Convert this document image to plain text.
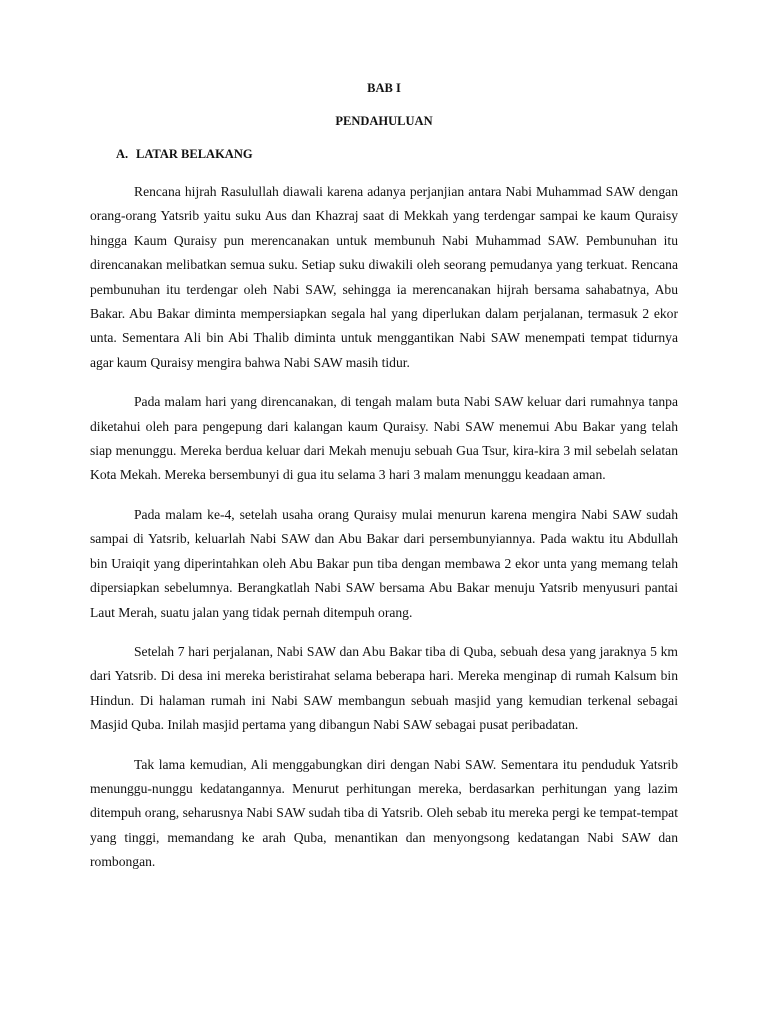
BAB I
PENDAHULUAN
A. LATAR BELAKANG

Rencana hijrah Rasulullah diawali karena adanya perjanjian antara Nabi Muhammad SAW dengan orang-orang Yatsrib yaitu suku Aus dan Khazraj saat di Mekkah yang terdengar sampai ke kaum Quraisy hingga Kaum Quraisy pun merencanakan untuk membunuh Nabi Muhammad SAW. Pembunuhan itu direncanakan melibatkan semua suku. Setiap suku diwakili oleh seorang pemudanya yang terkuat. Rencana pembunuhan itu terdengar oleh Nabi SAW, sehingga ia merencanakan hijrah bersama sahabatnya, Abu Bakar. Abu Bakar diminta mempersiapkan segala hal yang diperlukan dalam perjalanan, termasuk 2 ekor unta. Sementara Ali bin Abi Thalib diminta untuk menggantikan Nabi SAW menempati tempat tidurnya agar kaum Quraisy mengira bahwa Nabi SAW masih tidur.

Pada malam hari yang direncanakan, di tengah malam buta Nabi SAW keluar dari rumahnya tanpa diketahui oleh para pengepung dari kalangan kaum Quraisy. Nabi SAW menemui Abu Bakar yang telah siap menunggu. Mereka berdua keluar dari Mekah menuju sebuah Gua Tsur, kira-kira 3 mil sebelah selatan Kota Mekah. Mereka bersembunyi di gua itu selama 3 hari 3 malam menunggu keadaan aman.

Pada malam ke-4, setelah usaha orang Quraisy mulai menurun karena mengira Nabi SAW sudah sampai di Yatsrib, keluarlah Nabi SAW dan Abu Bakar dari persembunyiannya. Pada waktu itu Abdullah bin Uraiqit yang diperintahkan oleh Abu Bakar pun tiba dengan membawa 2 ekor unta yang memang telah dipersiapkan sebelumnya. Berangkatlah Nabi SAW bersama Abu Bakar menuju Yatsrib menyusuri pantai Laut Merah, suatu jalan yang tidak pernah ditempuh orang.

Setelah 7 hari perjalanan, Nabi SAW dan Abu Bakar tiba di Quba, sebuah desa yang jaraknya 5 km dari Yatsrib. Di desa ini mereka beristirahat selama beberapa hari. Mereka menginap di rumah Kalsum bin Hindun. Di halaman rumah ini Nabi SAW membangun sebuah masjid yang kemudian terkenal sebagai Masjid Quba. Inilah masjid pertama yang dibangun Nabi SAW sebagai pusat peribadatan.

Tak lama kemudian, Ali menggabungkan diri dengan Nabi SAW. Sementara itu penduduk Yatsrib menunggu-nunggu kedatangannya. Menurut perhitungan mereka, berdasarkan perhitungan yang lazim ditempuh orang, seharusnya Nabi SAW sudah tiba di Yatsrib. Oleh sebab itu mereka pergi ke tempat-tempat yang tinggi, memandang ke arah Quba, menantikan dan menyongsong kedatangan Nabi SAW dan rombongan.
